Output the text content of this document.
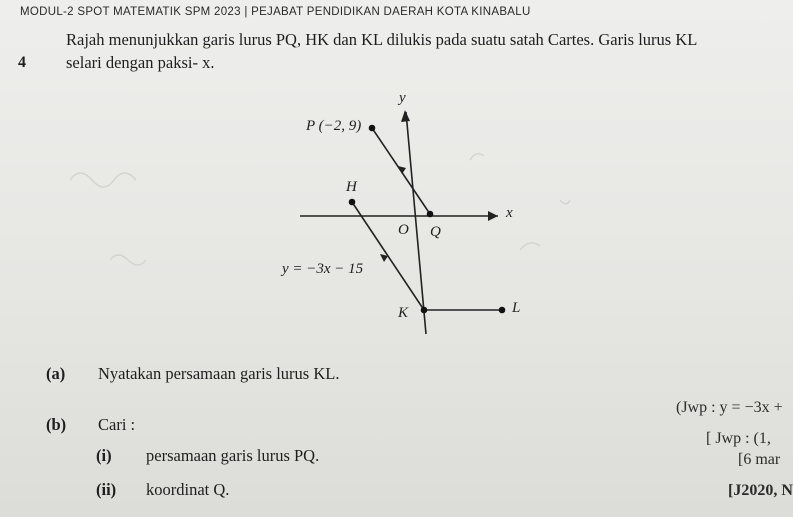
MODUL-2 SPOT MATEMATIK SPM 2023 | PEJABAT PENDIDIKAN DAERAH KOTA KINABALU
4
Rajah menunjukkan garis lurus PQ, HK dan KL dilukis pada suatu satah Cartes. Garis lurus KL
selari dengan paksi- x.
y
x
P (−2, 9)
H
O Q
y = −3x − 15
K	L
(a) Nyatakan persamaan garis lurus KL.
(b) Cari :
(i) persamaan garis lurus PQ.
(ii) koordinat Q.
(Jwp : y = −3x +
[ Jwp : (1,
[6 mar
[J2020, N
